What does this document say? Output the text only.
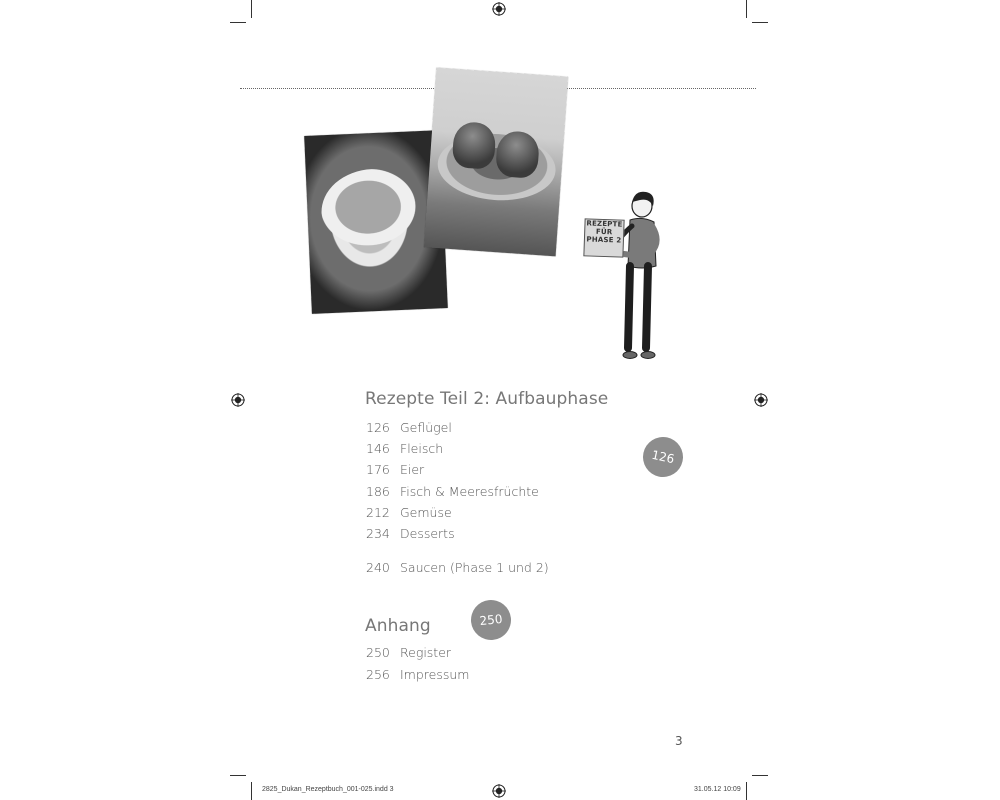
REZEPTE
FÜR
PHASE 2
Rezepte Teil 2: Aufbauphase
126 Geflügel
146 Fleisch
176 Eier
186 Fisch & Meeresfrüchte
212 Gemüse
234 Desserts
240 Saucen (Phase 1 und 2)
126
Anhang	250
250 Register
256 Impressum
3
2825_Dukan_Rezeptbuch_001-025.indd 3	31.05.12 10:09
